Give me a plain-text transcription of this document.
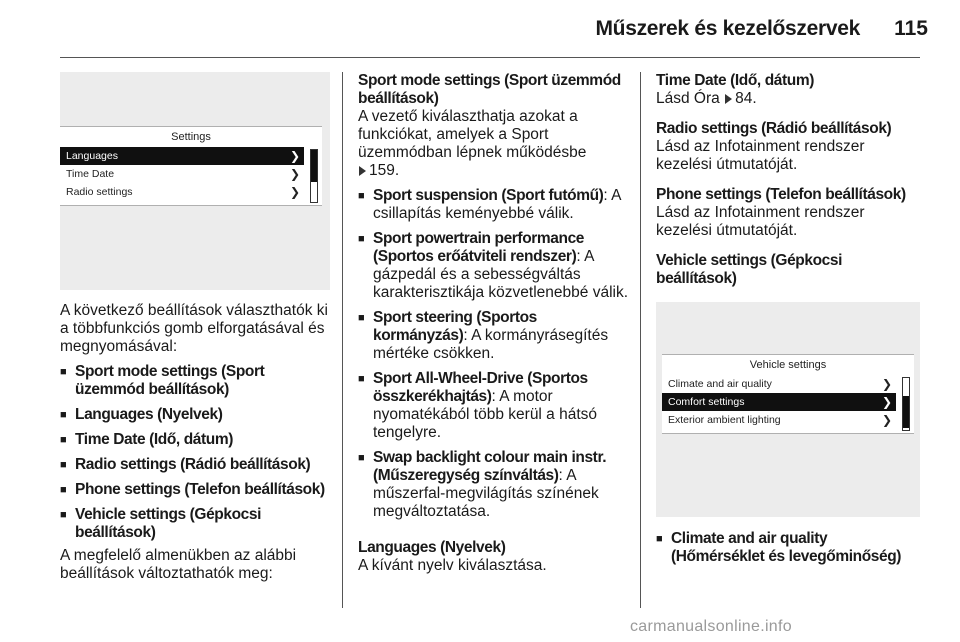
Műszerek és kezelőszervek	115
Settings
Languages	❯
Time Date	❯
Radio settings	❯

A következő beállítások választhatók ki a többfunkciós gomb elforgatásával és megnyomásával:

■ Sport mode settings (Sport üzemmód beállítások)
■ Languages (Nyelvek)
■ Time Date (Idő, dátum)
■ Radio settings (Rádió beállítások)
■ Phone settings (Telefon beállítások)
■ Vehicle settings (Gépkocsi beállítások)

A megfelelő almenükben az alábbi beállítások változtathatók meg:

Sport mode settings (Sport üzemmód beállítások)

A vezető kiválaszthatja azokat a funkciókat, amelyek a Sport üzemmódban lépnek működésbe
159.

■ Sport suspension (Sport futómű): A csillapítás keményebbé válik.
■ Sport powertrain performance (Sportos erőátviteli rendszer): A gázpedál és a sebességváltás karakterisztikája közvetlenebbé válik.
■ Sport steering (Sportos kormányzás): A kormányrásegítés mértéke csökken.
■ Sport All-Wheel-Drive (Sportos összkerékhajtás): A motor nyomatékából több kerül a hátsó tengelyre.
■ Swap backlight colour main instr. (Műszeregység színváltás): A műszerfal-megvilágítás színének megváltoztatása.

Languages (Nyelvek)

A kívánt nyelv kiválasztása.

Time Date (Idő, dátum)

Lásd Óra 84.

Radio settings (Rádió beállítások)

Lásd az Infotainment rendszer kezelési útmutatóját.

Phone settings (Telefon beállítások)

Lásd az Infotainment rendszer kezelési útmutatóját.

Vehicle settings (Gépkocsi beállítások)

Vehicle settings
Climate and air quality	❯
Comfort settings	❯
Exterior ambient lighting	❯
■ Climate and air quality (Hőmérséklet és levegőminőség)
carmanualsonline.info
